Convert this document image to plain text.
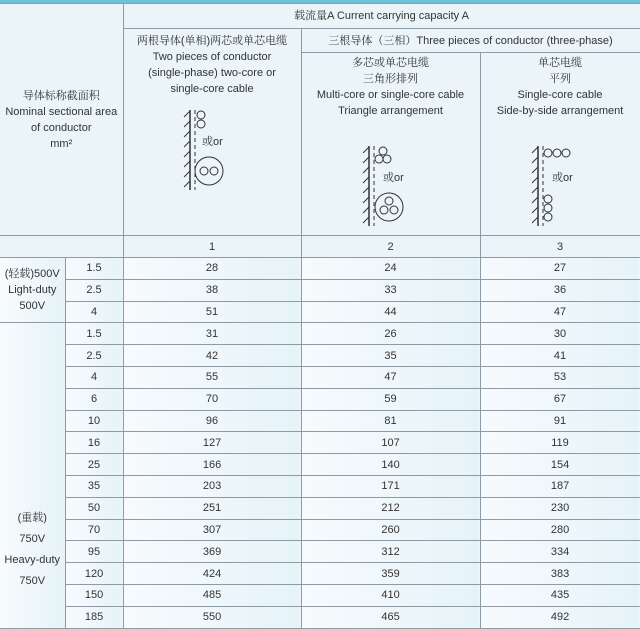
导体标称截面积
Nominal sectional area
of conductor
mm²		载流量A Current carrying capacity A		

		两根导体(单相)两芯或单芯电缆
Two pieces of conductor
(single-phase) two-core or
single-core cable
或or	三根导体（三相）Three pieces of conductor (three-phase)	

			多芯或单芯电缆
三角形排列
Multi-core or single-core cable
Triangle arrangement
或or	单芯电缆
平列
Single-core cable
Side-by-side arrangement
或or

		1	2	3

(轻载)500V
Light-duty
500V	1.5	28	24	27
	2.5	38	33	36
	4	51	44	47

(重载)
750V
Heavy-duty
750V	1.5	31	26	30
	2.5	42	35	41
	4	55	47	53
	6	70	59	67
	10	96	81	91
	16	127	107	119
	25	166	140	154
	35	203	171	187
	50	251	212	230
	70	307	260	280
	95	369	312	334
	120	424	359	383
	150	485	410	435
	185	550	465	492
